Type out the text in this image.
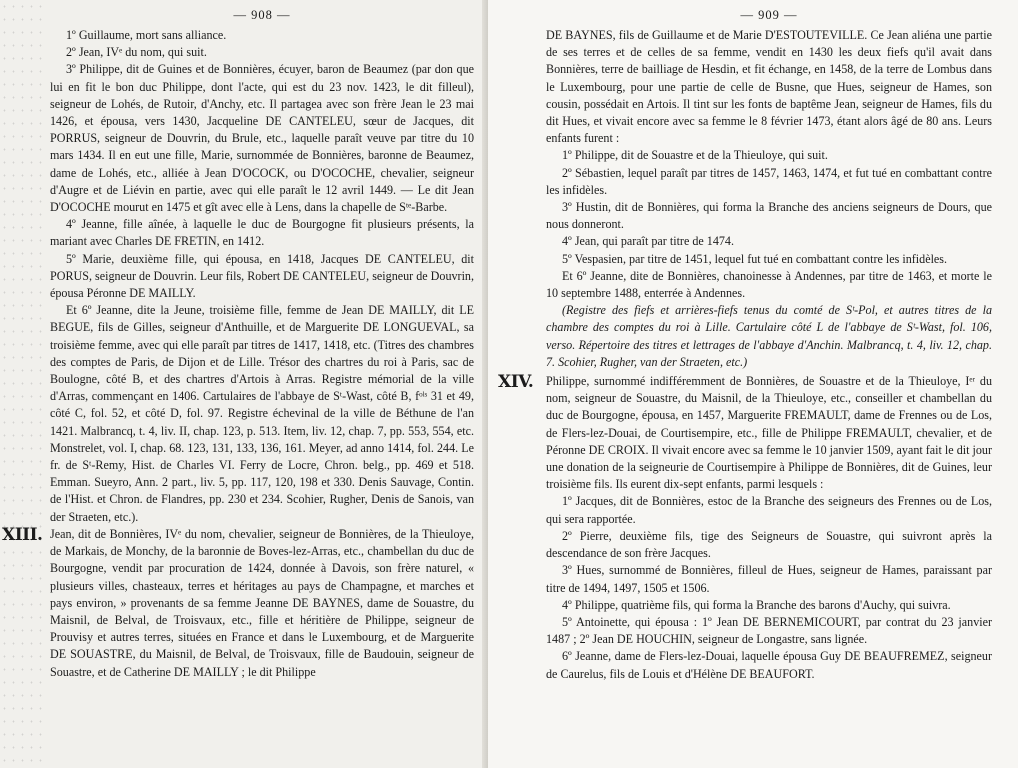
— 908 —

1º Guillaume, mort sans alliance.

2º Jean, IVᵉ du nom, qui suit.

3º Philippe, dit de Guines et de Bonnières, écuyer, baron de Beaumez (par don que lui en fit le bon duc Philippe, dont l'acte, qui est du 23 nov. 1423, le dit filleul), seigneur de Lohés, de Rutoir, d'Anchy, etc. Il partagea avec son frère Jean le 23 mai 1426, et épousa, vers 1430, Jacqueline DE CANTELEU, sœur de Jacques, dit PORRUS, seigneur de Douvrin, du Brule, etc., laquelle paraît veuve par titre du 10 mars 1434. Il en eut une fille, Marie, surnommée de Bonnières, baronne de Beaumez, dame de Lohés, etc., alliée à Jean D'OCOCK, ou D'OCOCHE, chevalier, seigneur d'Augre et de Liévin en partie, avec qui elle paraît le 12 avril 1449. — Le dit Jean D'OCOCHE mourut en 1475 et gît avec elle à Lens, dans la chapelle de Sᵗᵉ-Barbe.

4º Jeanne, fille aînée, à laquelle le duc de Bourgogne fit plusieurs présents, la mariant avec Charles DE FRETIN, en 1412.

5º Marie, deuxième fille, qui épousa, en 1418, Jacques DE CANTELEU, dit PORUS, seigneur de Douvrin. Leur fils, Robert DE CANTELEU, seigneur de Douvrin, épousa Péronne DE MAILLY.

Et 6º Jeanne, dite la Jeune, troisième fille, femme de Jean DE MAILLY, dit LE BEGUE, fils de Gilles, seigneur d'Anthuille, et de Marguerite DE LONGUEVAL, sa troisième femme, avec qui elle paraît par titres de 1417, 1418, etc. (Titres des chambres des comptes de Paris, de Dijon et de Lille. Trésor des chartres du roi à Paris, sac de Boulogne, côté B, et des chartres d'Artois à Arras. Registre mémorial de la ville d'Arras, commençant en 1406. Cartulaires de l'abbaye de Sᵗ-Wast, côté B, fᵒˡˢ 31 et 49, côté C, fol. 52, et côté D, fol. 97. Registre échevinal de la ville de Béthune de l'an 1421. Malbrancq, t. 4, liv. II, chap. 123, p. 513. Item, liv. 12, chap. 7, pp. 553, 554, etc. Monstrelet, vol. I, chap. 68. 123, 131, 133, 136, 161. Meyer, ad anno 1414, fol. 244. Le fr. de Sᵗ-Remy, Hist. de Charles VI. Ferry de Locre, Chron. belg., pp. 469 et 518. Emman. Sueyro, Ann. 2 part., liv. 5, pp. 117, 120, 198 et 330. Denis Sauvage, Contin. de l'Hist. et Chron. de Flandres, pp. 230 et 234. Scohier, Rugher, Denis de Sanois, van der Straeten, etc.).

XIII. Jean, dit de Bonnières, IVᵉ du nom, chevalier, seigneur de Bonnières, de la Thieuloye, de Markais, de Monchy, de la baronnie de Boves-lez-Arras, etc., chambellan du duc de Bourgogne, vendit par procuration de 1424, donnée à Davois, son frère naturel, « plusieurs villes, chasteaux, terres et héritages au pays de Champagne, et marches et pays environ, » provenants de sa femme Jeanne DE BAYNES, dame de Souastre, du Maisnil, de Belval, de Troisvaux, etc., fille et héritière de Philippe, seigneur de Prouvisy et autres terres, situées en France et dans le Luxembourg, et de Marguerite DE SOUASTRE, du Maisnil, de Belval, de Troisvaux, fille de Baudouin, seigneur de Souastre, et de Catherine DE MAILLY ; le dit Philippe

— 909 —

DE BAYNES, fils de Guillaume et de Marie D'ESTOUTEVILLE. Ce Jean aliéna une partie de ses terres et de celles de sa femme, vendit en 1430 les deux fiefs qu'il avait dans Bonnières, terre de bailliage de Hesdin, et fit échange, en 1458, de la terre de Lombus dans le Luxembourg, pour une partie de celle de Busne, que Hues, seigneur de Hames, son cousin, possédait en Artois. Il tint sur les fonts de baptême Jean, seigneur de Hames, fils du dit Hues, et vivait encore avec sa femme le 8 février 1473, étant alors âgé de 80 ans. Leurs enfants furent :

1º Philippe, dit de Souastre et de la Thieuloye, qui suit.

2º Sébastien, lequel paraît par titres de 1457, 1463, 1474, et fut tué en combattant contre les infidèles.

3º Hustin, dit de Bonnières, qui forma la Branche des anciens seigneurs de Dours, que nous donneront.

4º Jean, qui paraît par titre de 1474.

5º Vespasien, par titre de 1451, lequel fut tué en combattant contre les infidèles.

Et 6º Jeanne, dite de Bonnières, chanoinesse à Andennes, par titre de 1463, et morte le 10 septembre 1488, enterrée à Andennes.

(Registre des fiefs et arrières-fiefs tenus du comté de Sᵗ-Pol, et autres titres de la chambre des comptes du roi à Lille. Cartulaire côté L de l'abbaye de Sᵗ-Wast, fol. 106, verso. Répertoire des titres et lettrages de l'abbaye d'Anchin. Malbrancq, t. 4, liv. 12, chap. 7. Scohier, Rugher, van der Straeten, etc.)

XIV. Philippe, surnommé indifféremment de Bonnières, de Souastre et de la Thieuloye, Iᵉʳ du nom, seigneur de Souastre, du Maisnil, de la Thieuloye, etc., conseiller et chambellan du duc de Bourgogne, épousa, en 1457, Marguerite FREMAULT, dame de Frennes ou de Los, de Flers-lez-Douai, de Courtisempire, etc., fille de Philippe FREMAULT, chevalier, et de Péronne DE CROIX. Il vivait encore avec sa femme le 10 janvier 1509, ayant fait le dit jour une donation de la seigneurie de Courtisempire à Philippe de Bonnières, dit de Guines, leur troisième fils. Ils eurent dix-sept enfants, parmi lesquels :

1º Jacques, dit de Bonnières, estoc de la Branche des seigneurs des Frennes ou de Los, qui sera rapportée.

2º Pierre, deuxième fils, tige des Seigneurs de Souastre, qui suivront après la descendance de son frère Jacques.

3º Hues, surnommé de Bonnières, filleul de Hues, seigneur de Hames, paraissant par titre de 1494, 1497, 1505 et 1506.

4º Philippe, quatrième fils, qui forma la Branche des barons d'Auchy, qui suivra.

5º Antoinette, qui épousa : 1º Jean DE BERNEMICOURT, par contrat du 23 janvier 1487 ; 2º Jean DE HOUCHIN, seigneur de Longastre, sans lignée.

6º Jeanne, dame de Flers-lez-Douai, laquelle épousa Guy DE BEAUFREMEZ, seigneur de Caurelus, fils de Louis et d'Hélène DE BEAUFORT.
